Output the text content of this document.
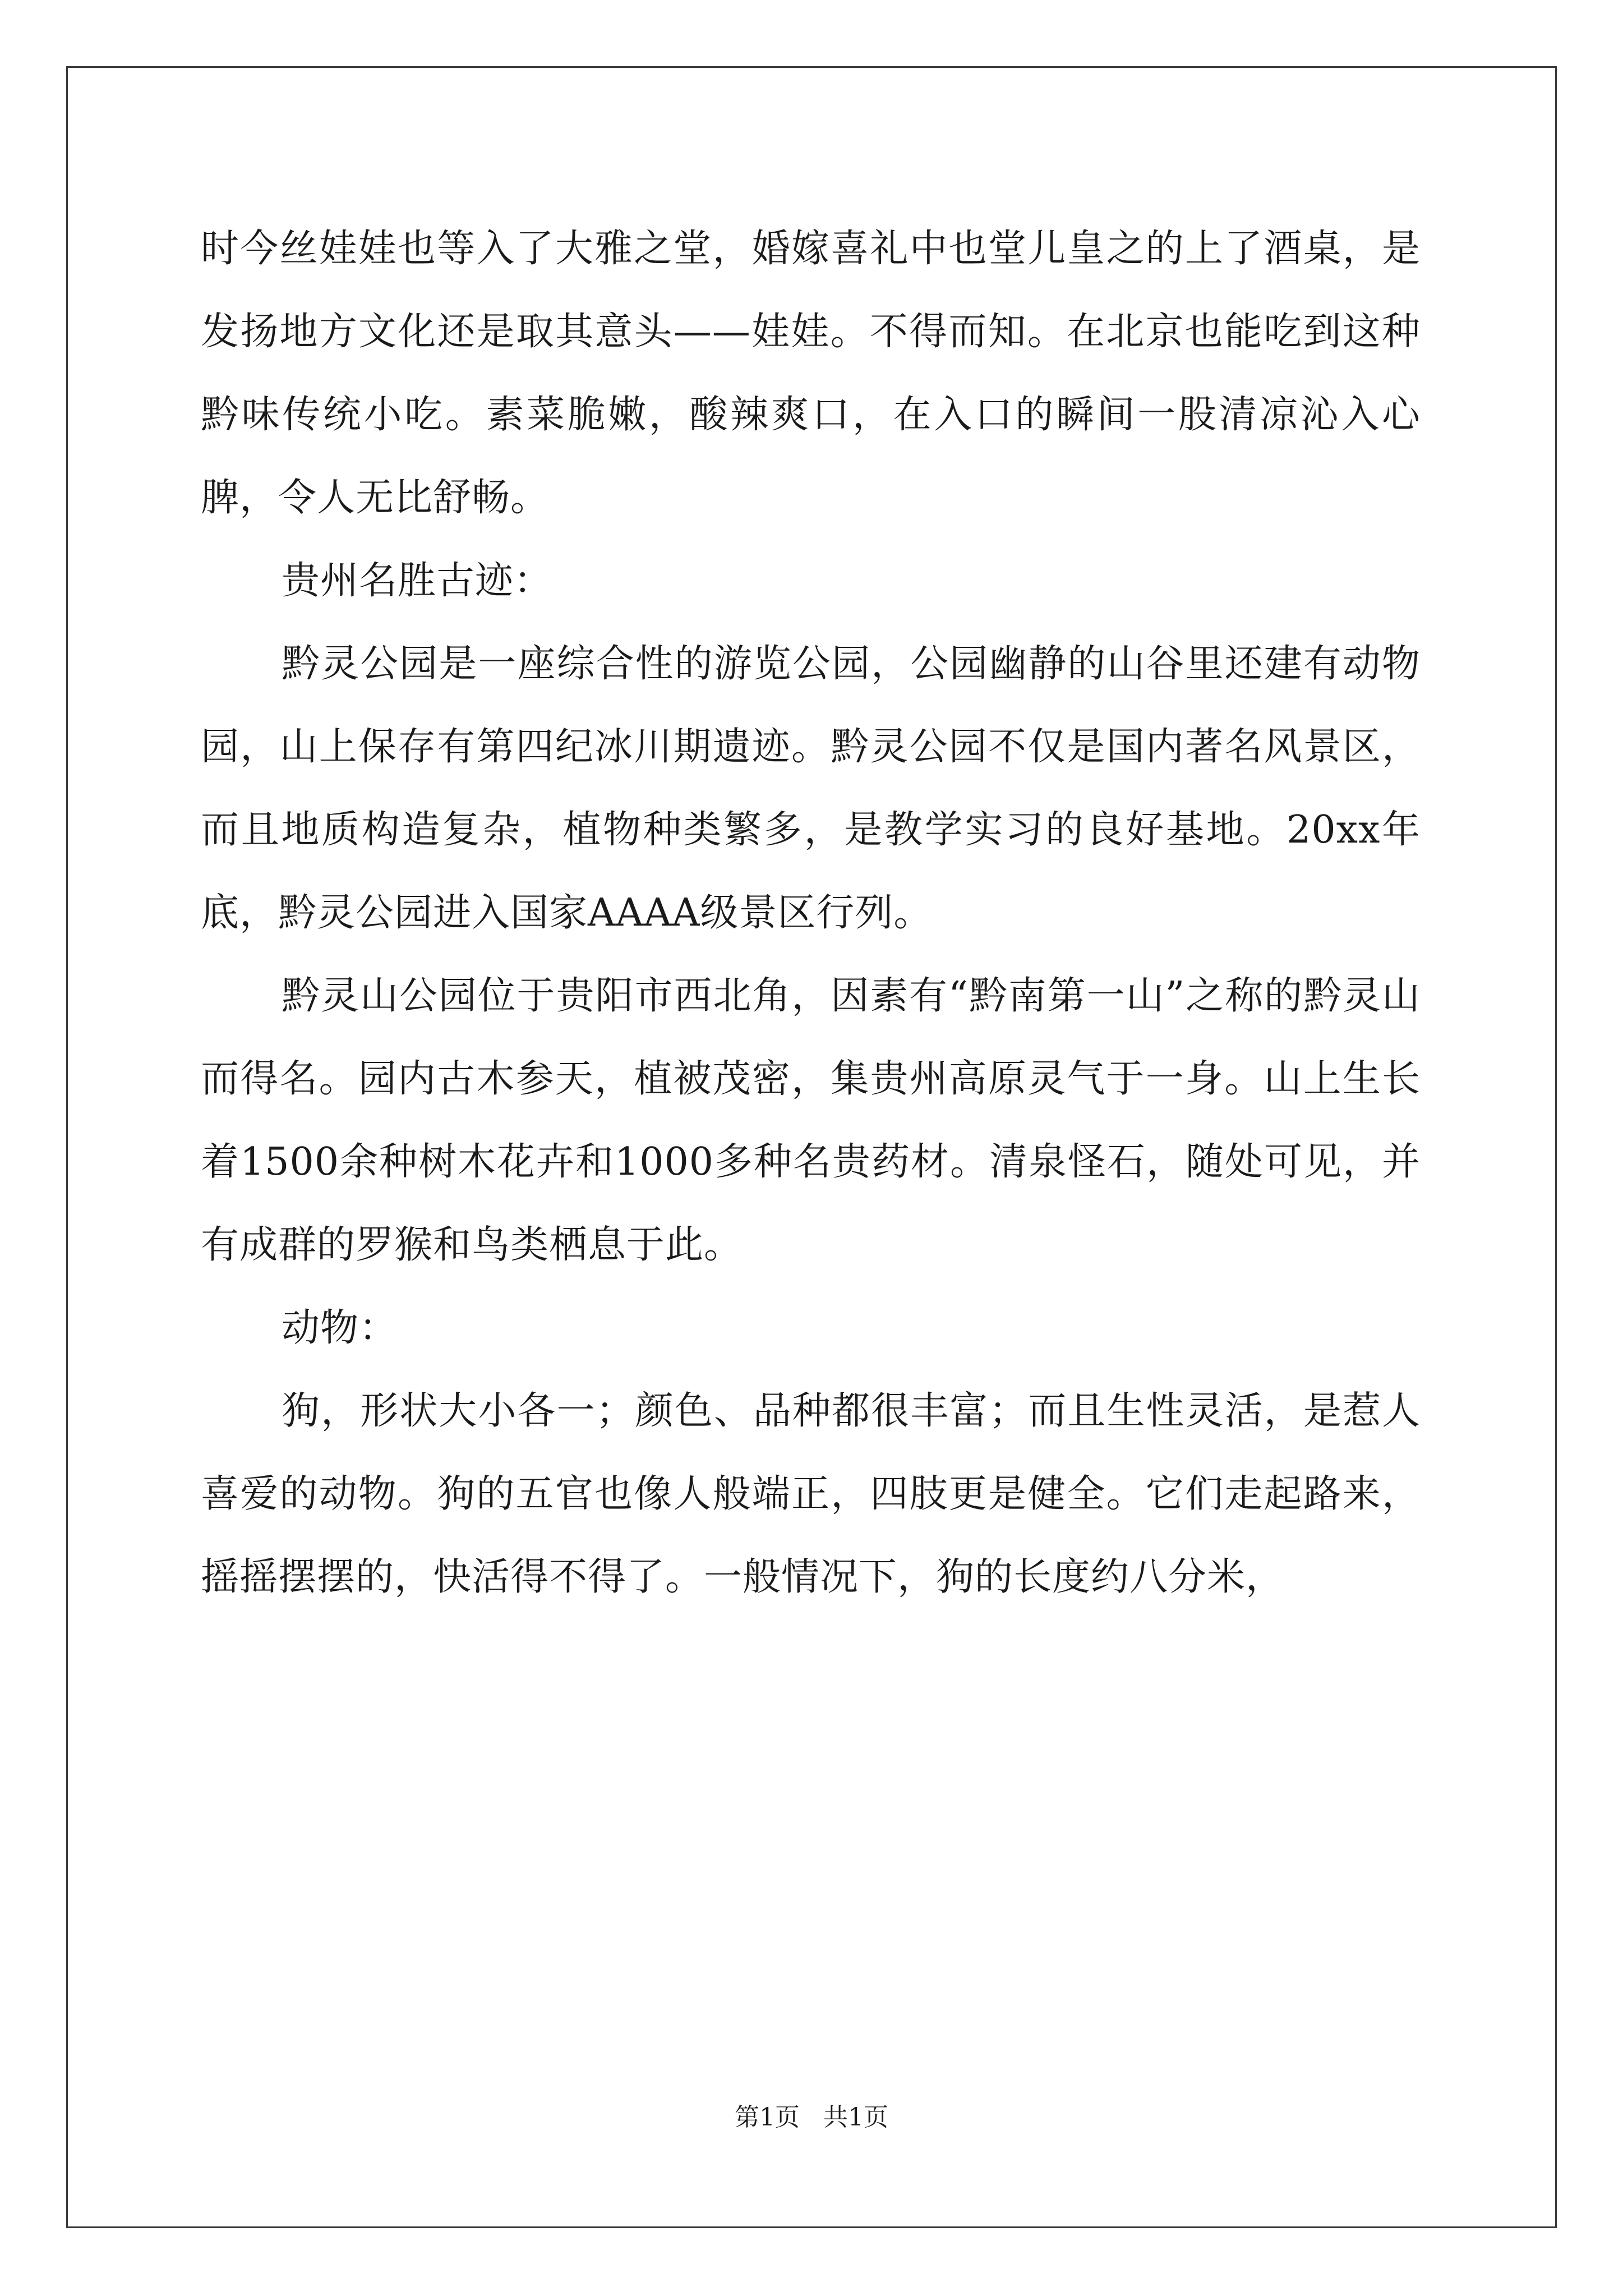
时今丝娃娃也等入了大雅之堂，婚嫁喜礼中也堂儿皇之的上了酒桌，是发扬地方文化还是取其意头——娃娃。不得而知。在北京也能吃到这种黔味传统小吃。素菜脆嫩，酸辣爽口，在入口的瞬间一股清凉沁入心脾，令人无比舒畅。

贵州名胜古迹：

黔灵公园是一座综合性的游览公园，公园幽静的山谷里还建有动物园，山上保存有第四纪冰川期遗迹。黔灵公园不仅是国内著名风景区，而且地质构造复杂，植物种类繁多，是教学实习的良好基地。20xx年底，黔灵公园进入国家AAAA级景区行列。

黔灵山公园位于贵阳市西北角，因素有“黔南第一山”之称的黔灵山而得名。园内古木参天，植被茂密，集贵州高原灵气于一身。山上生长着1500余种树木花卉和1000多种名贵药材。清泉怪石，随处可见，并有成群的罗猴和鸟类栖息于此。

动物：

狗，形状大小各一；颜色、品种都很丰富；而且生性灵活，是惹人喜爱的动物。狗的五官也像人般端正，四肢更是健全。它们走起路来，摇摇摆摆的，快活得不得了。一般情况下，狗的长度约八分米，

第1页 共1页
